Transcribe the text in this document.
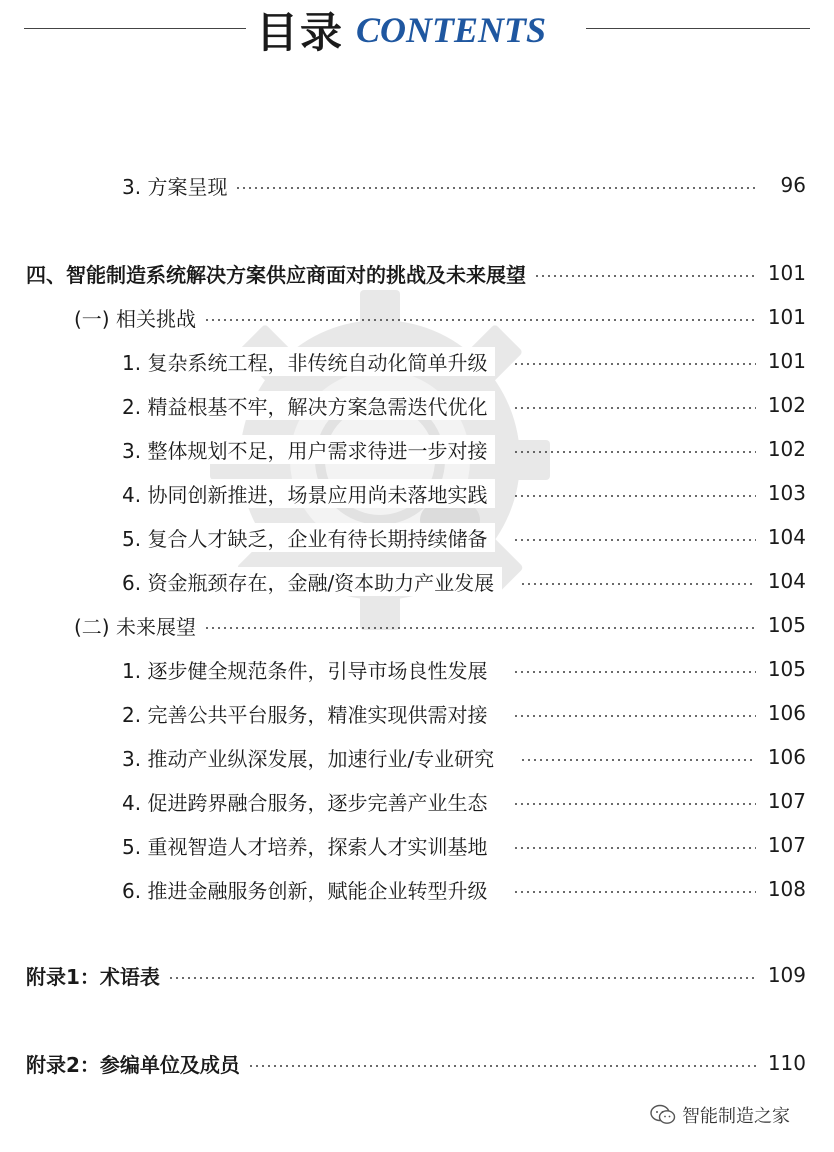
目录 CONTENTS
3. 方案呈现	96
四、智能制造系统解决方案供应商面对的挑战及未来展望	101
(一) 相关挑战	101
1. 复杂系统工程，非传统自动化简单升级	101
2. 精益根基不牢，解决方案急需迭代优化	102
3. 整体规划不足，用户需求待进一步对接	102
4. 协同创新推进，场景应用尚未落地实践	103
5. 复合人才缺乏，企业有待长期持续储备	104
6. 资金瓶颈存在，金融/资本助力产业发展	104
(二) 未来展望	105
1. 逐步健全规范条件，引导市场良性发展	105
2. 完善公共平台服务，精准实现供需对接	106
3. 推动产业纵深发展，加速行业/专业研究	106
4. 促进跨界融合服务，逐步完善产业生态	107
5. 重视智造人才培养，探索人才实训基地	107
6. 推进金融服务创新，赋能企业转型升级	108
附录1：术语表	109
附录2：参编单位及成员	110
智能制造之家
